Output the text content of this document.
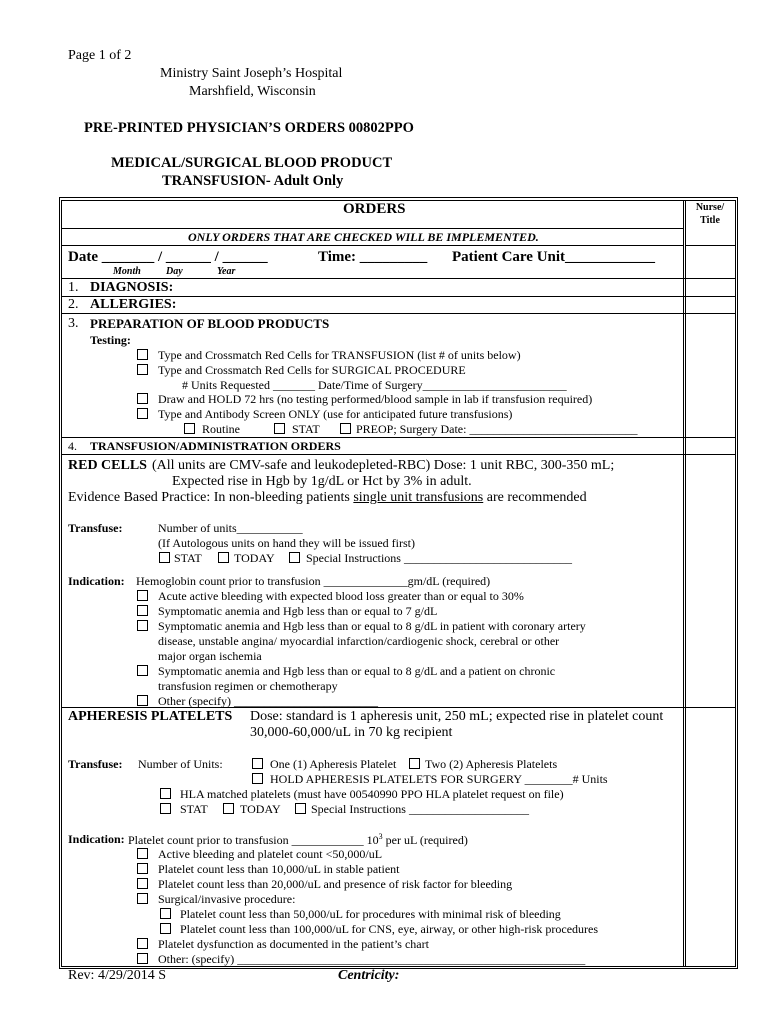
Page 1 of 2
Ministry Saint Joseph’s Hospital
Marshfield, Wisconsin
PRE-PRINTED PHYSICIAN’S ORDERS 00802PPO
MEDICAL/SURGICAL BLOOD PRODUCT
TRANSFUSION- Adult Only
ORDERS	Nurse/
Title
ONLY ORDERS THAT ARE CHECKED WILL BE IMPLEMENTED.
Date _______ / ______ / ______	Time: _________ Patient Care Unit____________
Month	Day	Year
1. DIAGNOSIS:
2. ALLERGIES:
3. PREPARATION OF BLOOD PRODUCTS
Testing:
Type and Crossmatch Red Cells for TRANSFUSION (list # of units below)
Type and Crossmatch Red Cells for SURGICAL PROCEDURE
# Units Requested _______ Date/Time of Surgery________________________
Draw and HOLD 72 hrs (no testing performed/blood sample in lab if transfusion required)
Type and Antibody Screen ONLY (use for anticipated future transfusions)
Routine	STAT	PREOP; Surgery Date: ____________________________
4. TRANSFUSION/ADMINISTRATION ORDERS
RED CELLS (All units are CMV-safe and leukodepleted-RBC) Dose: 1 unit RBC, 300-350 mL;
Expected rise in Hgb by 1g/dL or Hct by 3% in adult.
Evidence Based Practice: In non-bleeding patients single unit transfusions are recommended
Transfuse:	Number of units___________
(If Autologous units on hand they will be issued first)
STAT	TODAY	Special Instructions ____________________________
Indication: Hemoglobin count prior to transfusion ______________gm/dL (required)
Acute active bleeding with expected blood loss greater than or equal to 30%
Symptomatic anemia and Hgb less than or equal to 7 g/dL
Symptomatic anemia and Hgb less than or equal to 8 g/dL in patient with coronary artery
disease, unstable angina/ myocardial infarction/cardiogenic shock, cerebral or other
major organ ischemia
Symptomatic anemia and Hgb less than or equal to 8 g/dL and a patient on chronic
transfusion regimen or chemotherapy
Other (specify) ________________________
APHERESIS PLATELETS Dose: standard is 1 apheresis unit, 250 mL; expected rise in platelet count
30,000-60,000/uL in 70 kg recipient
Transfuse: Number of Units:	One (1) Apheresis Platelet Two (2) Apheresis Platelets
HOLD APHERESIS PLATELETS FOR SURGERY ________# Units
HLA matched platelets (must have 00540990 PPO HLA platelet request on file)
STAT	TODAY	Special Instructions ____________________
Indication: Platelet count prior to transfusion ____________ $10^3$ per uL (required)
Active bleeding and platelet count <50,000/uL
Platelet count less than 10,000/uL in stable patient
Platelet count less than 20,000/uL and presence of risk factor for bleeding
Surgical/invasive procedure:
Platelet count less than 50,000/uL for procedures with minimal risk of bleeding
Platelet count less than 100,000/uL for CNS, eye, airway, or other high-risk procedures
Platelet dysfunction as documented in the patient’s chart
Other: (specify) __________________________________________________________
Rev: 4/29/2014 S	Centricity:
